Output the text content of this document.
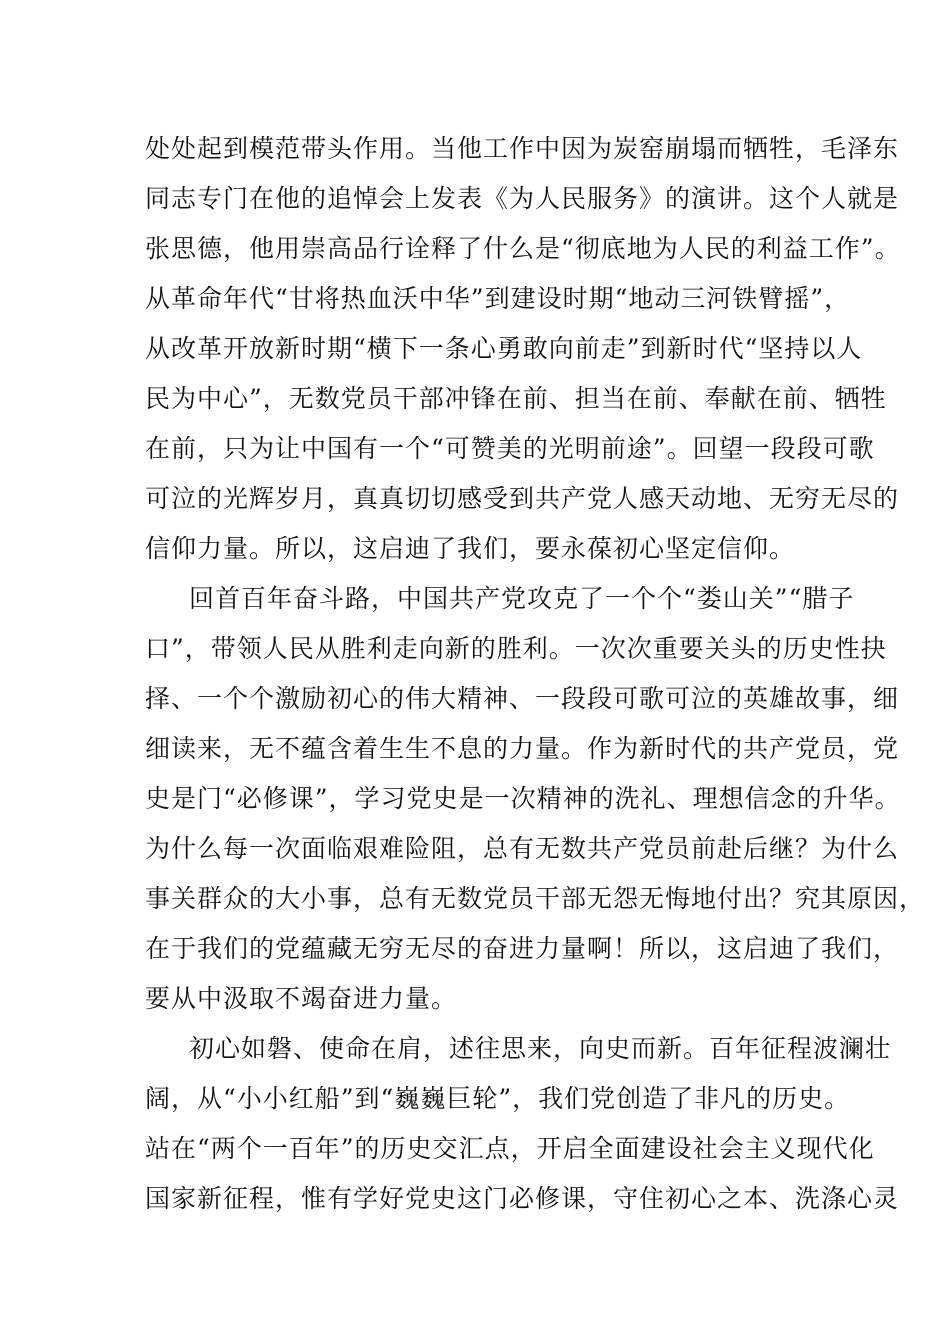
处处起到模范带头作用。当他工作中因为炭窑崩塌而牺牲，毛泽东
同志专门在他的追悼会上发表《为人民服务》的演讲。这个人就是
张思德，他用崇高品行诠释了什么是“彻底地为人民的利益工作”。
从革命年代“甘将热血沃中华”到建设时期“地动三河铁臂摇”，
从改革开放新时期“横下一条心勇敢向前走”到新时代“坚持以人
民为中心”，无数党员干部冲锋在前、担当在前、奉献在前、牺牲
在前，只为让中国有一个“可赞美的光明前途”。回望一段段可歌
可泣的光辉岁月，真真切切感受到共产党人感天动地、无穷无尽的
信仰力量。所以，这启迪了我们，要永葆初心坚定信仰。
回首百年奋斗路，中国共产党攻克了一个个“娄山关”“腊子
口”，带领人民从胜利走向新的胜利。一次次重要关头的历史性抉
择、一个个激励初心的伟大精神、一段段可歌可泣的英雄故事，细
细读来，无不蕴含着生生不息的力量。作为新时代的共产党员，党
史是门“必修课”，学习党史是一次精神的洗礼、理想信念的升华。
为什么每一次面临艰难险阻，总有无数共产党员前赴后继？为什么
事关群众的大小事，总有无数党员干部无怨无悔地付出？究其原因，
在于我们的党蕴藏无穷无尽的奋进力量啊！所以，这启迪了我们，
要从中汲取不竭奋进力量。
初心如磐、使命在肩，述往思来，向史而新。百年征程波澜壮
阔，从“小小红船”到“巍巍巨轮”，我们党创造了非凡的历史。
站在“两个一百年”的历史交汇点，开启全面建设社会主义现代化
国家新征程，惟有学好党史这门必修课，守住初心之本、洗涤心灵
